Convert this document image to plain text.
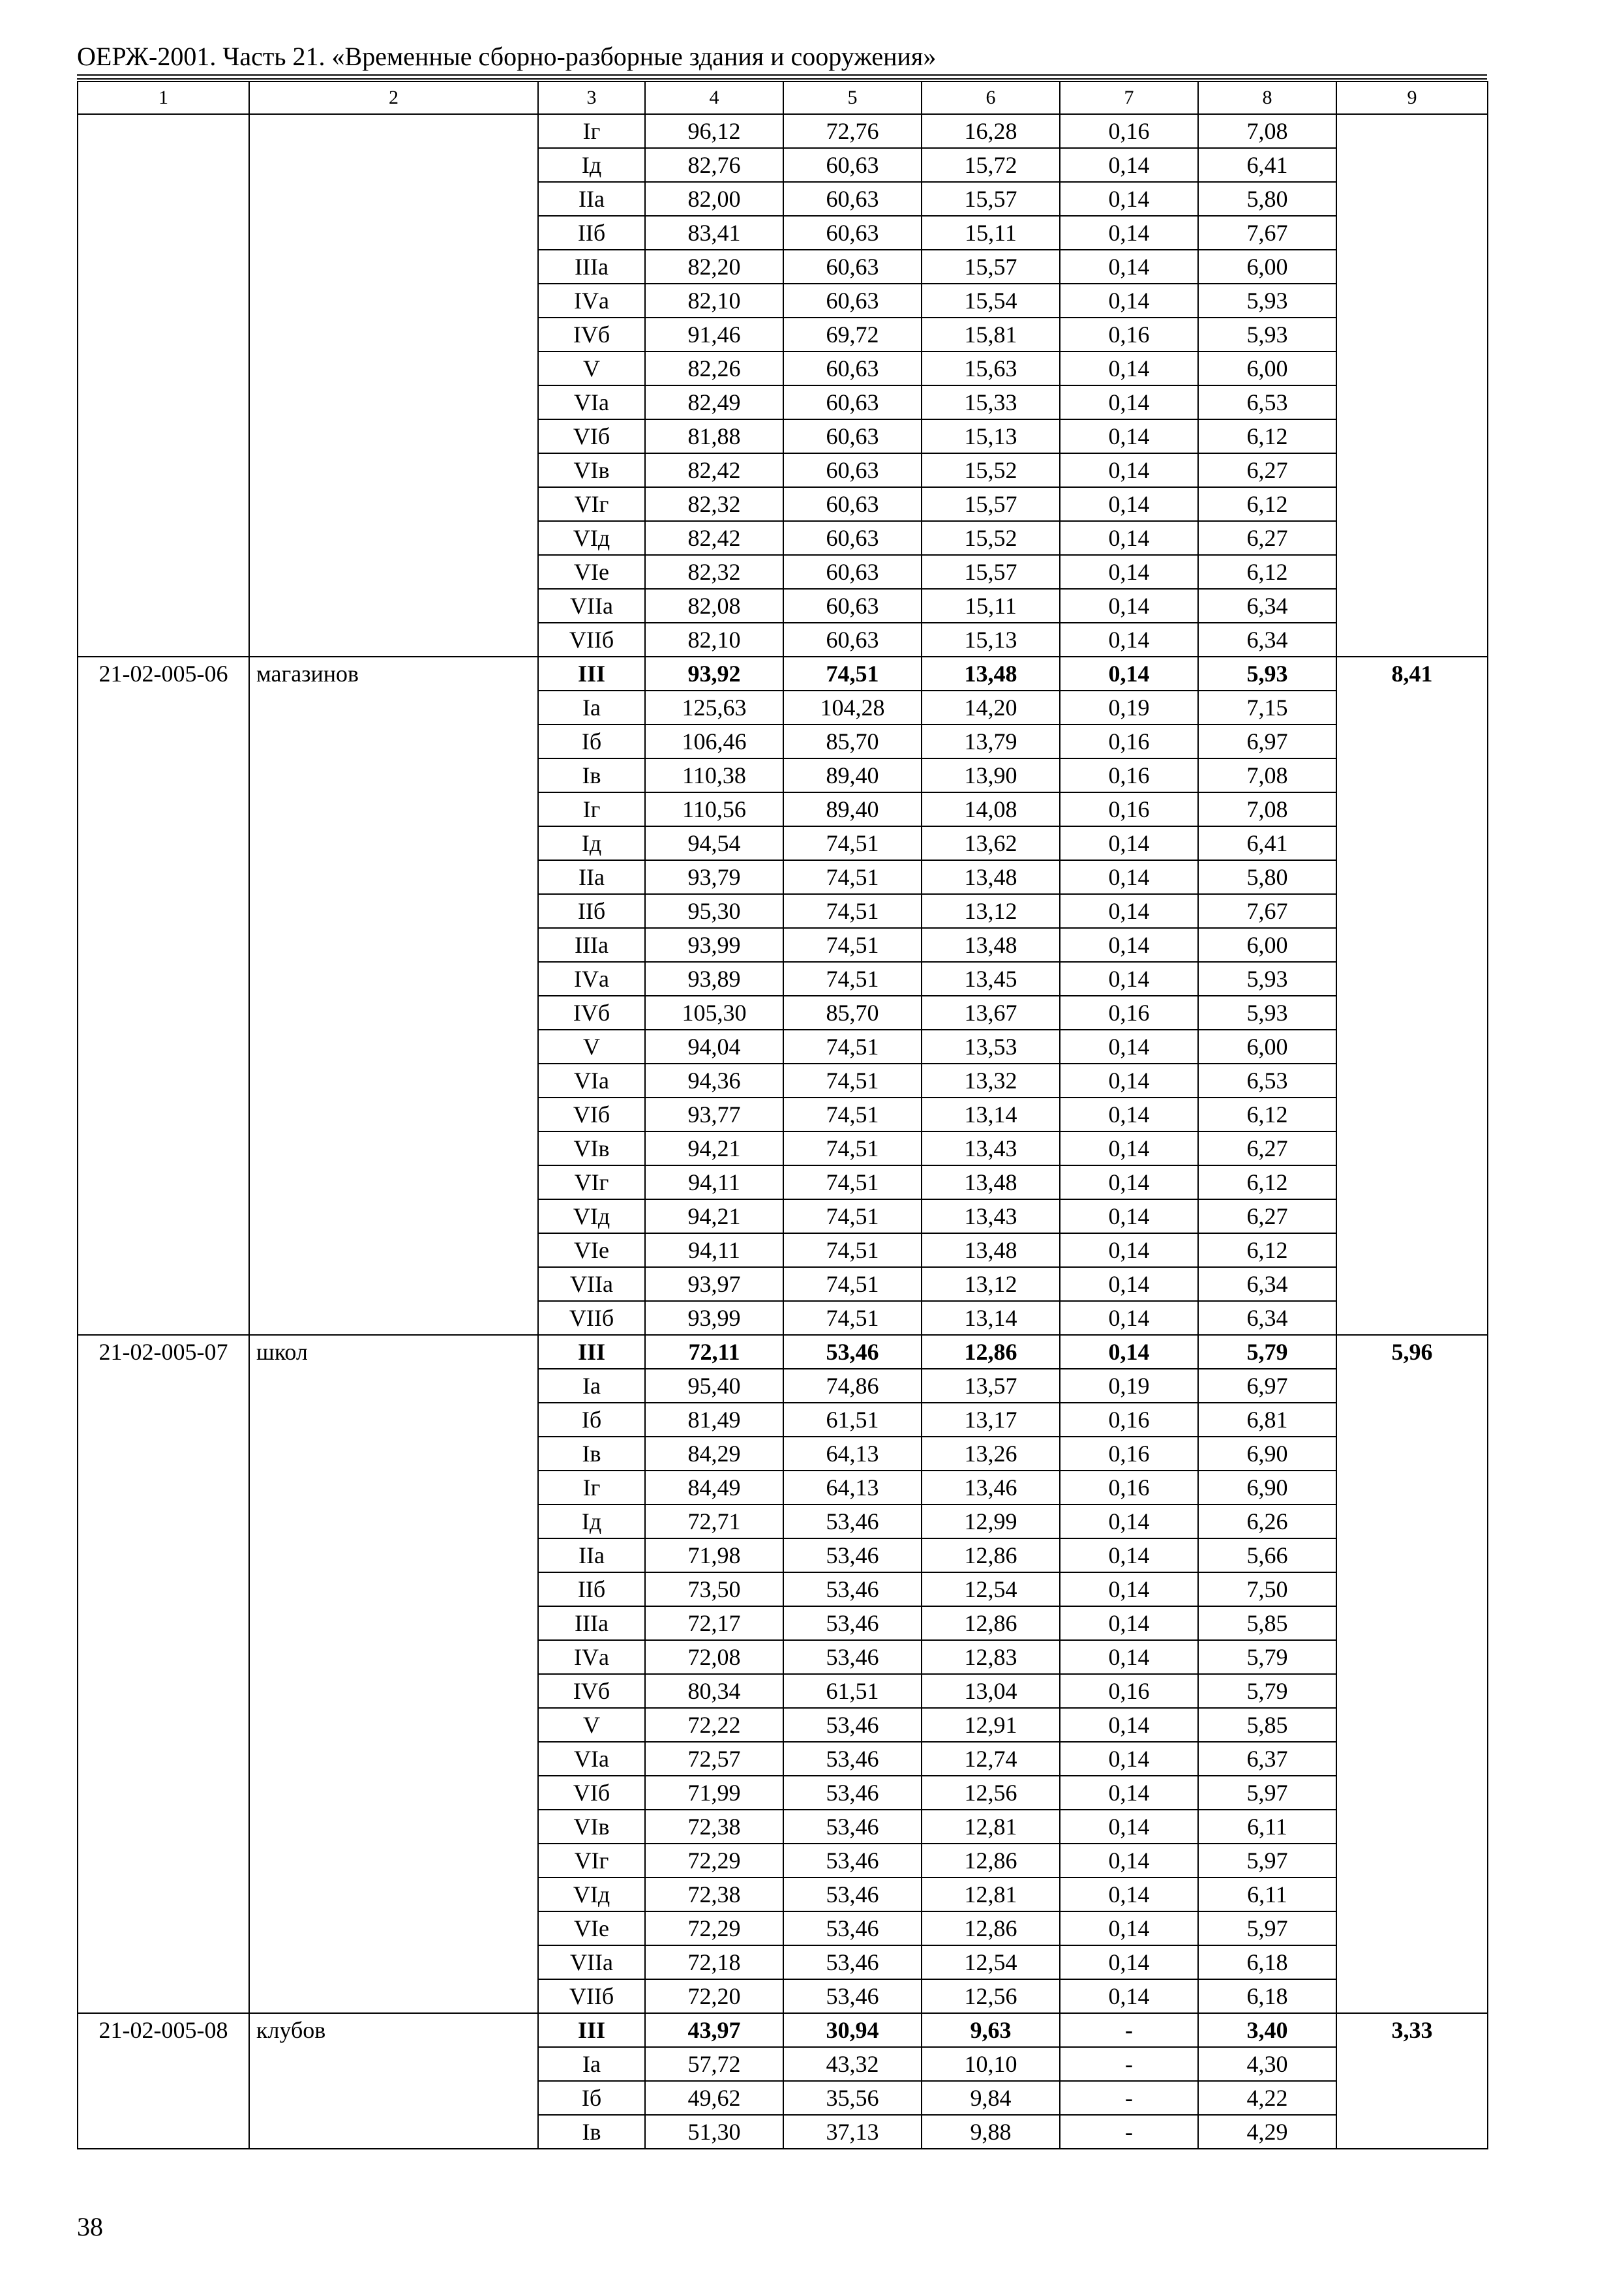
ОЕРЖ-2001. Часть 21. «Временные сборно-разборные здания и сооружения»
1	2	3	4	5	6	7	8	9
		Iг	96,12	72,76	16,28	0,16	7,08	
		Iд	82,76	60,63	15,72	0,14	6,41	
		IIа	82,00	60,63	15,57	0,14	5,80	
		IIб	83,41	60,63	15,11	0,14	7,67	
		IIIа	82,20	60,63	15,57	0,14	6,00	
		IVа	82,10	60,63	15,54	0,14	5,93	
		IVб	91,46	69,72	15,81	0,16	5,93	
		V	82,26	60,63	15,63	0,14	6,00	
		VIа	82,49	60,63	15,33	0,14	6,53	
		VIб	81,88	60,63	15,13	0,14	6,12	
		VIв	82,42	60,63	15,52	0,14	6,27	
		VIг	82,32	60,63	15,57	0,14	6,12	
		VIд	82,42	60,63	15,52	0,14	6,27	
		VIе	82,32	60,63	15,57	0,14	6,12	
		VIIа	82,08	60,63	15,11	0,14	6,34	
		VIIб	82,10	60,63	15,13	0,14	6,34	
21-02-005-06	магазинов	III	93,92	74,51	13,48	0,14	5,93	8,41
		Iа	125,63	104,28	14,20	0,19	7,15	
		Iб	106,46	85,70	13,79	0,16	6,97	
		Iв	110,38	89,40	13,90	0,16	7,08	
		Iг	110,56	89,40	14,08	0,16	7,08	
		Iд	94,54	74,51	13,62	0,14	6,41	
		IIа	93,79	74,51	13,48	0,14	5,80	
		IIб	95,30	74,51	13,12	0,14	7,67	
		IIIа	93,99	74,51	13,48	0,14	6,00	
		IVа	93,89	74,51	13,45	0,14	5,93	
		IVб	105,30	85,70	13,67	0,16	5,93	
		V	94,04	74,51	13,53	0,14	6,00	
		VIа	94,36	74,51	13,32	0,14	6,53	
		VIб	93,77	74,51	13,14	0,14	6,12	
		VIв	94,21	74,51	13,43	0,14	6,27	
		VIг	94,11	74,51	13,48	0,14	6,12	
		VIд	94,21	74,51	13,43	0,14	6,27	
		VIе	94,11	74,51	13,48	0,14	6,12	
		VIIа	93,97	74,51	13,12	0,14	6,34	
		VIIб	93,99	74,51	13,14	0,14	6,34	
21-02-005-07	школ	III	72,11	53,46	12,86	0,14	5,79	5,96
		Iа	95,40	74,86	13,57	0,19	6,97	
		Iб	81,49	61,51	13,17	0,16	6,81	
		Iв	84,29	64,13	13,26	0,16	6,90	
		Iг	84,49	64,13	13,46	0,16	6,90	
		Iд	72,71	53,46	12,99	0,14	6,26	
		IIа	71,98	53,46	12,86	0,14	5,66	
		IIб	73,50	53,46	12,54	0,14	7,50	
		IIIа	72,17	53,46	12,86	0,14	5,85	
		IVа	72,08	53,46	12,83	0,14	5,79	
		IVб	80,34	61,51	13,04	0,16	5,79	
		V	72,22	53,46	12,91	0,14	5,85	
		VIа	72,57	53,46	12,74	0,14	6,37	
		VIб	71,99	53,46	12,56	0,14	5,97	
		VIв	72,38	53,46	12,81	0,14	6,11	
		VIг	72,29	53,46	12,86	0,14	5,97	
		VIд	72,38	53,46	12,81	0,14	6,11	
		VIе	72,29	53,46	12,86	0,14	5,97	
		VIIа	72,18	53,46	12,54	0,14	6,18	
		VIIб	72,20	53,46	12,56	0,14	6,18	
21-02-005-08	клубов	III	43,97	30,94	9,63	-	3,40	3,33
		Iа	57,72	43,32	10,10	-	4,30	
		Iб	49,62	35,56	9,84	-	4,22	
		Iв	51,30	37,13	9,88	-	4,29	
38
